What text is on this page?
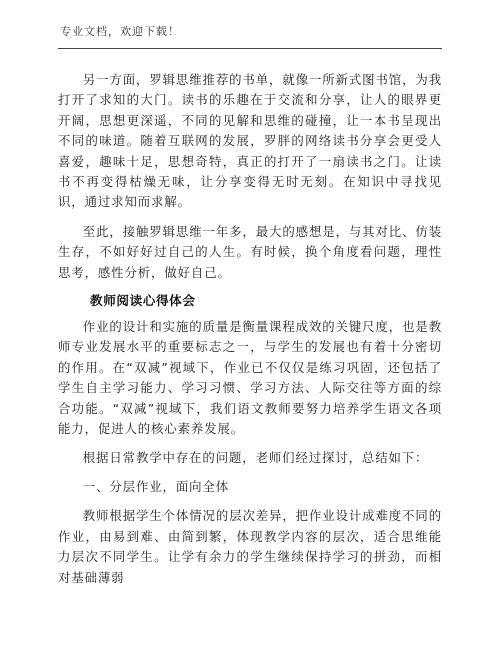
专业文档，欢迎下载！

另一方面，罗辑思维推荐的书单，就像一所新式图书馆，为我打开了求知的大门。读书的乐趣在于交流和分享，让人的眼界更开阔，思想更深遥，不同的见解和思维的碰撞，让一本书呈现出不同的味道。随着互联网的发展，罗胖的网络读书分享会更受人喜爱，趣味十足，思想奇特，真正的打开了一扇读书之门。让读书不再变得枯燥无味，让分享变得无时无刻。在知识中寻找见识，通过求知而求解。

至此，接触罗辑思维一年多，最大的感想是，与其对比、仿装生存，不如好好过自己的人生。有时候，换个角度看问题，理性思考，感性分析，做好自己。

教师阅读心得体会

作业的设计和实施的质量是衡量课程成效的关键尺度，也是教师专业发展水平的重要标志之一，与学生的发展也有着十分密切的作用。在“双减”视域下，作业已不仅仅是练习巩固，还包括了学生自主学习能力、学习习惯、学习方法、人际交往等方面的综合功能。“双减”视域下，我们语文教师要努力培养学生语文各项能力，促进人的核心素养发展。

根据日常教学中存在的问题，老师们经过探讨，总结如下：

一、分层作业，面向全体

教师根据学生个体情况的层次差异，把作业设计成难度不同的作业，由易到难、由简到繁，体现教学内容的层次，适合思维能力层次不同学生。让学有余力的学生继续保持学习的拼劲，而相对基础薄弱
